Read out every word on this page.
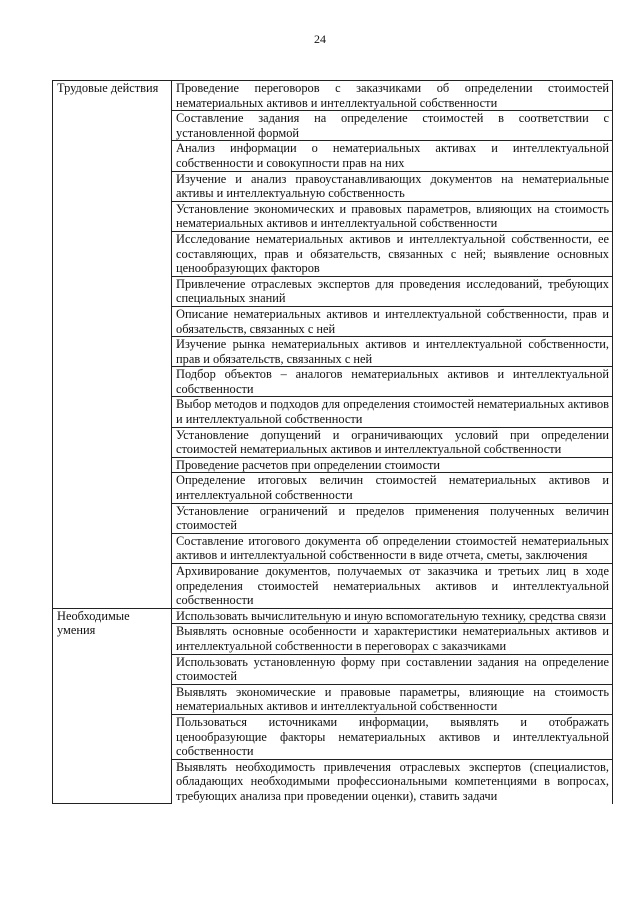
24
Трудовые действия	Проведение переговоров с заказчиками об определении стоимостей нематериальных активов и интеллектуальной собственности
	Составление задания на определение стоимостей в соответствии с установленной формой
	Анализ информации о нематериальных активах и интеллектуальной собственности и совокупности прав на них
	Изучение и анализ правоустанавливающих документов на нематериальные активы и интеллектуальную собственность
	Установление экономических и правовых параметров, влияющих на стоимость нематериальных активов и интеллектуальной собственности
	Исследование нематериальных активов и интеллектуальной собственности, ее составляющих, прав и обязательств, связанных с ней; выявление основных ценообразующих факторов
	Привлечение отраслевых экспертов для проведения исследований, требующих специальных знаний
	Описание нематериальных активов и интеллектуальной собственности, прав и обязательств, связанных с ней
	Изучение рынка нематериальных активов и интеллектуальной собственности, прав и обязательств, связанных с ней
	Подбор объектов – аналогов нематериальных активов и интеллектуальной собственности
	Выбор методов и подходов для определения стоимостей нематериальных активов и интеллектуальной собственности
	Установление допущений и ограничивающих условий при определении стоимостей нематериальных активов и интеллектуальной собственности
	Проведение расчетов при определении стоимости
	Определение итоговых величин стоимостей нематериальных активов и интеллектуальной собственности
	Установление ограничений и пределов применения полученных величин стоимостей
	Составление итогового документа об определении стоимостей нематериальных активов и интеллектуальной собственности в виде отчета, сметы, заключения
	Архивирование документов, получаемых от заказчика и третьих лиц в ходе определения стоимостей нематериальных активов и интеллектуальной собственности
Необходимые умения	Использовать вычислительную и иную вспомогательную технику, средства связи
	Выявлять основные особенности и характеристики нематериальных активов и интеллектуальной собственности в переговорах с заказчиками
	Использовать установленную форму при составлении задания на определение стоимостей
	Выявлять экономические и правовые параметры, влияющие на стоимость нематериальных активов и интеллектуальной собственности
	Пользоваться источниками информации, выявлять и отображать ценообразующие факторы нематериальных активов и интеллектуальной собственности
	Выявлять необходимость привлечения отраслевых экспертов (специалистов, обладающих необходимыми профессиональными компетенциями в вопросах, требующих анализа при проведении оценки), ставить задачи
